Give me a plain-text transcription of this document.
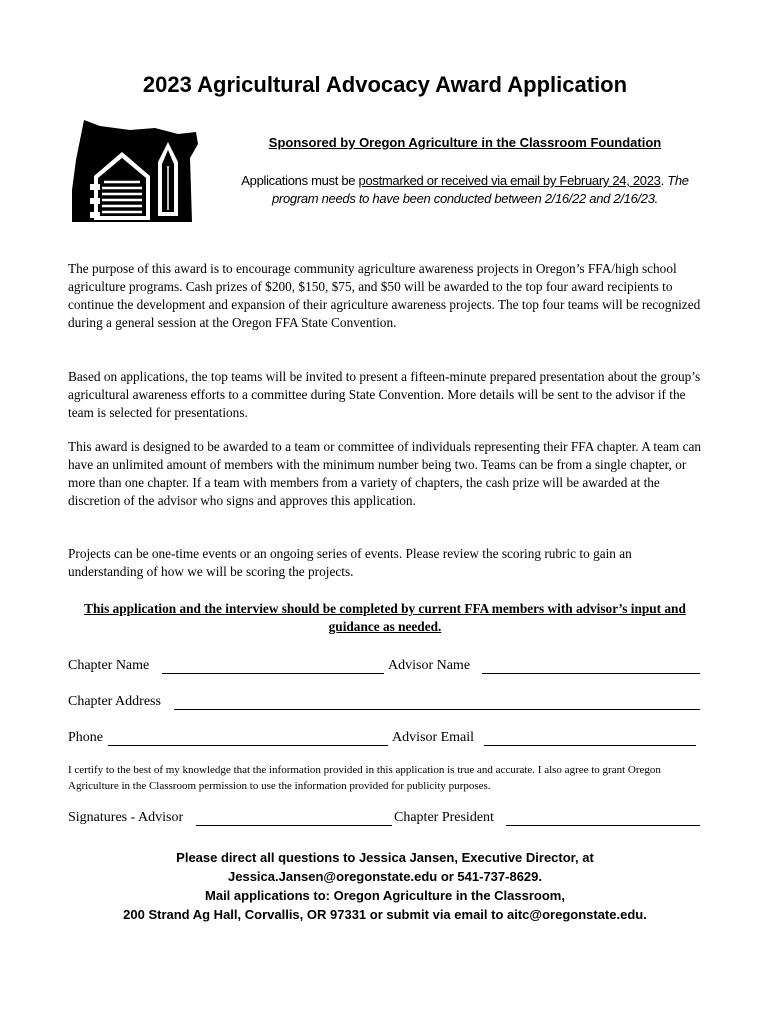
2023 Agricultural Advocacy Award Application
Sponsored by Oregon Agriculture in the Classroom Foundation
Applications must be postmarked or received via email by February 24, 2023. The program needs to have been conducted between 2/16/22 and 2/16/23.
The purpose of this award is to encourage community agriculture awareness projects in Oregon’s FFA/high school agriculture programs. Cash prizes of $200, $150, $75, and $50 will be awarded to the top four award recipients to continue the development and expansion of their agriculture awareness projects. The top four teams will be recognized during a general session at the Oregon FFA State Convention.
Based on applications, the top teams will be invited to present a fifteen-minute prepared presentation about the group’s agricultural awareness efforts to a committee during State Convention. More details will be sent to the advisor if the team is selected for presentations.
This award is designed to be awarded to a team or committee of individuals representing their FFA chapter. A team can have an unlimited amount of members with the minimum number being two. Teams can be from a single chapter, or more than one chapter. If a team with members from a variety of chapters, the cash prize will be awarded at the discretion of the advisor who signs and approves this application.
Projects can be one-time events or an ongoing series of events. Please review the scoring rubric to gain an understanding of how we will be scoring the projects.
This application and the interview should be completed by current FFA members with advisor’s input and guidance as needed.
Chapter Name	Advisor Name
Chapter Address
Phone	Advisor Email
I certify to the best of my knowledge that the information provided in this application is true and accurate. I also agree to grant Oregon Agriculture in the Classroom permission to use the information provided for publicity purposes.
Signatures - Advisor	Chapter President
Please direct all questions to Jessica Jansen, Executive Director, at
Jessica.Jansen@oregonstate.edu or 541-737-8629.
Mail applications to: Oregon Agriculture in the Classroom,
200 Strand Ag Hall, Corvallis, OR 97331 or submit via email to aitc@oregonstate.edu.
